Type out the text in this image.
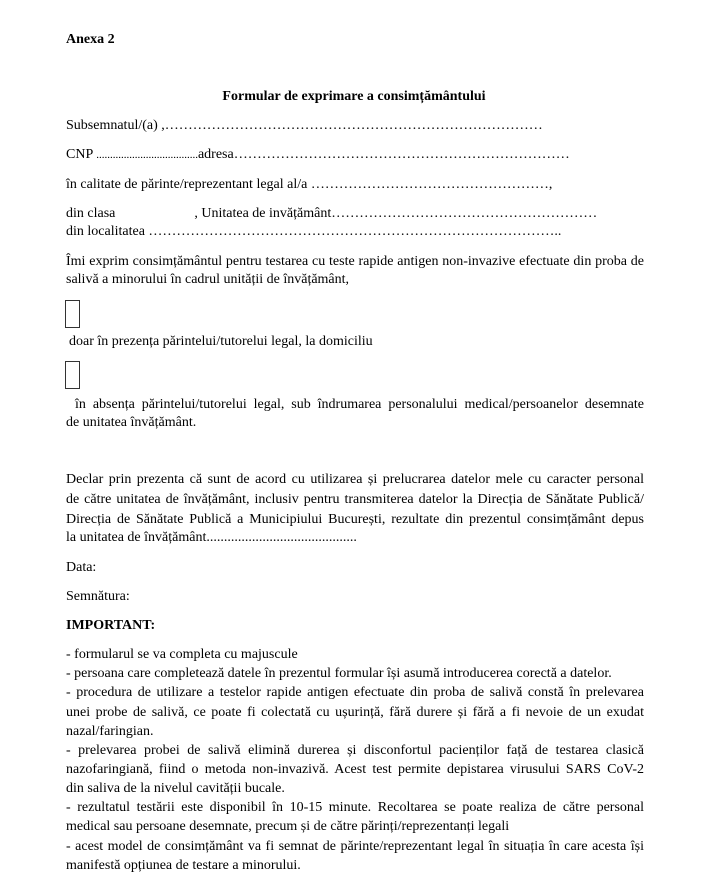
Anexa 2
Formular de exprimare a consimțământului
Subsemnatul/(a) ,………………………………………………………………………
CNP .....................................adresa………………………………………………………………
în calitate de părinte/reprezentant legal al/a ……………………………………………,
din clasa	, Unitatea de invățământ…………………………………………………
din localitatea ……………………………………………………………………………..
Îmi exprim consimțământul pentru testarea cu teste rapide antigen non-invazive efectuate din proba de
salivă a minorului în cadrul unității de învățământ,
doar în prezența părintelui/tutorelui legal, la domiciliu
în absența părintelui/tutorelui legal, sub îndrumarea personalului medical/persoanelor desemnate
de unitatea învățământ.
Declar prin prezenta că sunt de acord cu utilizarea și prelucrarea datelor mele cu caracter personal
de către unitatea de învățământ, inclusiv pentru transmiterea datelor la Direcția de Sănătate Publică/
Direcția de Sănătate Publică a Municipiului București, rezultate din prezentul consimțământ depus
la unitatea de învățământ...........................................
Data:
Semnătura:
IMPORTANT:
- formularul se va completa cu majuscule
- persoana care completează datele în prezentul formular își asumă introducerea corectă a datelor.
- procedura de utilizare a testelor rapide antigen efectuate din proba de salivă constă în prelevarea
unei probe de salivă, ce poate fi colectată cu ușurință, fără durere și fără a fi nevoie de un exudat
nazal/faringian.
- prelevarea probei de salivă elimină durerea și disconfortul pacienților față de testarea clasică
nazofaringiană, fiind o metoda non-invazivă. Acest test permite depistarea virusului SARS CoV-2
din saliva de la nivelul cavității bucale.
- rezultatul testării este disponibil în 10-15 minute. Recoltarea se poate realiza de către personal
medical sau persoane desemnate, precum și de către părinți/reprezentanți legali
- acest model de consimțământ va fi semnat de părinte/reprezentant legal în situația în care acesta își
manifestă opțiunea de testare a minorului.
